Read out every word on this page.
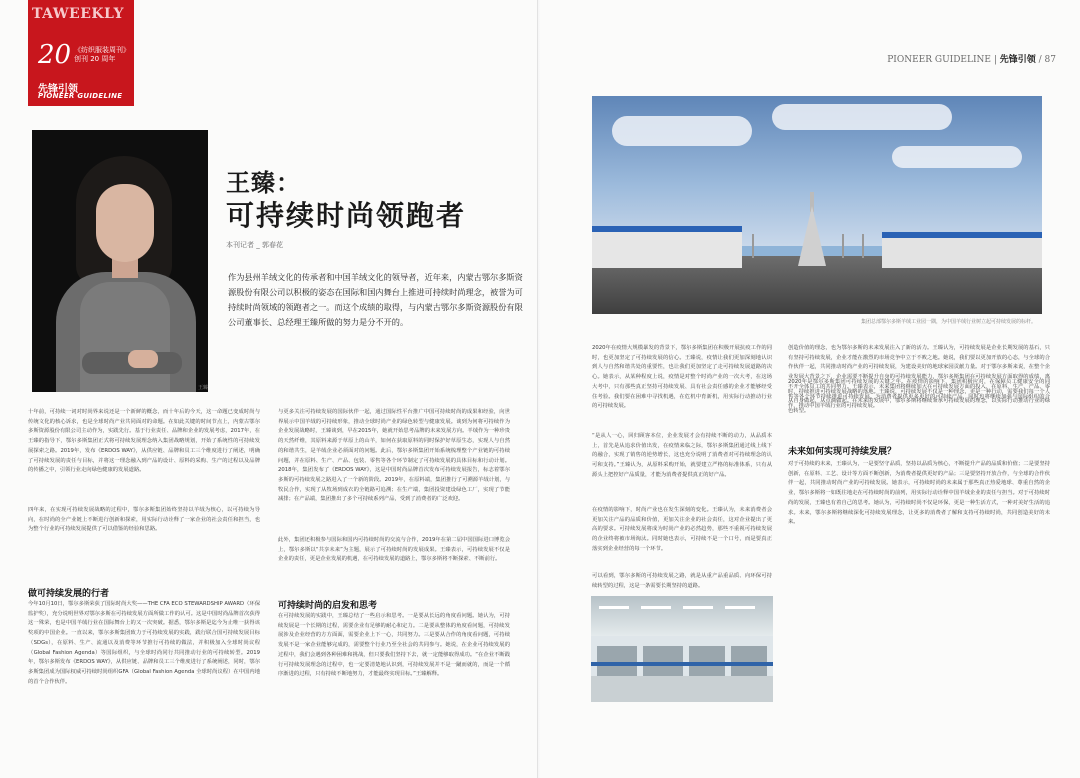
TAWEEKLY
20 《纺织服装周刊》创刊 20 周年
先锋引领
PIONEER GUIDELINE
王臻
王臻：
可持续时尚领跑者
本刊记者 _ 郭春花

作为县州羊绒文化的传承者和中国羊绒文化的领导者，近年来，内蒙古鄂尔多斯资源股份有限公司以积极的姿态在国际和国内舞台上推进可持续时尚理念，被誉为可持续时尚领域的领跑者之一。而这个成绩的取得，与内蒙古鄂尔多斯资源股份有限公司董事长、总经理王臻所做的努力是分不开的。

十年前，可持续一词对时尚界来说还是一个新鲜的概念，而十年后的今天，这一命题已变成时尚与传统文化的核心诉求，也是全球时尚产业共同面对的命题。在如此关键的时间节点上，内蒙古鄂尔多斯资源股份有限公司主动作为，实践先行。基于行业责任、品牌和企业的发展考虑，2017年，在王臻的指导下，鄂尔多斯集团正式将可持续发展理念纳入集团战略规划，开始了系统性的可持续发展探索之路。2019年，发布《ERDOS WAY》，从供应链、品牌和员工三个维度进行了阐述，明确了可持续发展的责任与目标，并将这一理念融入到产品的设计、原料的采购、生产的过程以及品牌的传播之中，引领行业走向绿色健康的发展道路。

四年来，在实现可持续发展战略的过程中，鄂尔多斯集团始终坚持以羊绒为核心，以可持续为导向，在时尚的全产业链上不断进行创新和探索，用实际行动诠释了一家企业的社会责任和担当，也为整个行业的可持续发展提供了可以借鉴的经验和思路。

做可持续发展的行者

今年10月10日，鄂尔多斯荣获了国际时尚大奖——THE CFA ECO STEWARDSHIP AWARD（环保监护奖），充分说明世界对鄂尔多斯在可持续发展方面所做工作的认可。这是中国时尚品牌首次获得这一殊荣，也是中国羊绒行业在国际舞台上的又一次突破。据悉，鄂尔多斯是迄今为止唯一获得该奖项的中国企业。一直以来，鄂尔多斯集团致力于可持续发展的实践，践行联合国可持续发展目标（SDGs），在原料、生产、流通以及消费等环节推行可持续的做法，并积极加入全球时尚议程（Global Fashion Agenda）等国际组织，与全球时尚同行共同推动行业的可持续转型。2019年，鄂尔多斯发布《ERDOS WAY》，从供应链、品牌和员工三个维度进行了系统阐述，同时，鄂尔多斯集团成为国际权威可持续时尚组织GFA（Global Fashion Agenda 全球时尚议程）在中国内地的首个合作伙伴。

与更多关注可持续发展的国际伙伴一起，通过国际性平台推广中国可持续时尚的成果和经验，向世界展示中国羊绒的可持续形象，推动全球时尚产业的绿色转型与健康发展。谈到为何将可持续作为企业发展战略时，王臻谈到，早在2015年，她就开始思考品牌的未来发展方向。羊绒作为一种珍贵的天然纤维，其原料来源于草原上的山羊，如何在获取原料的同时保护好草原生态，实现人与自然的和谐共生，是羊绒企业必须面对的问题。此后，鄂尔多斯集团开始系统梳理整个产业链的可持续问题，并在原料、生产、产品、包装、零售等各个环节制定了可持续发展的具体目标和行动计划。2018年，集团发布了《ERDOS WAY》，这是中国时尚品牌首次发布可持续发展报告，标志着鄂尔多斯的可持续发展之路进入了一个新的阶段。2019年，在原料端，集团推行了可溯源羊绒计划，与牧民合作，实现了从牧场到成衣的全链路可追溯；在生产端，集团投资建设绿色工厂，实现了节能减排；在产品端，集团推出了多个可持续系列产品，受到了消费者的广泛欢迎。

此外，集团还积极参与国际和国内可持续时尚的交流与合作，2019年在第二届中国国际进口博览会上，鄂尔多斯以“共享未来”为主题，展示了可持续时尚的发展成果。王臻表示，可持续发展不仅是企业的责任，更是企业发展的机遇，在可持续发展的道路上，鄂尔多斯将不断探索、不断前行。

可持续时尚的启发和思考

在可持续发展的实践中，王臻总结了一些启示和思考。一是要从长远的角度看问题。她认为，可持续发展是一个长期的过程，需要企业有足够的耐心和定力。二是要从整体的角度看问题，可持续发展涉及企业经营的方方面面，需要企业上下一心，共同努力。三是要从合作的角度看问题，可持续发展不是一家企业能够完成的，需要整个行业乃至全社会的共同参与。她说，在企业可持续发展的过程中，我们会遇到各种困难和挑战，但只要我们坚持下去，就一定能够取得成功。“在企业不断践行可持续发展理念的过程中，也一定要清楚地认识到，可持续发展并不是一蹴而就的，而是一个循序渐进的过程，只有持续不断地努力，才能最终实现目标。”王臻解释。

PIONEER GUIDELINE | 先锋引领 / 87
集团总部鄂尔多斯羊绒工业园一隅，为中国羊绒行业树立起可持续发展的标杆。

2020年在疫情大规模暴发的背景下，鄂尔多斯集团在积极开展抗疫工作的同时，也更加坚定了可持续发展的信心。王臻说，疫情让我们更加深刻地认识到人与自然和谐共处的重要性，也让我们更加坚定了走可持续发展道路的决心。她表示，从某种程度上说，疫情是对整个时尚产业的一次大考，在这场大考中，只有那些真正坚持可持续发展、具有社会责任感的企业才能够经受住考验。我们要在困难中寻找机遇，在危机中育新机，用实际行动推动行业的可持续发展。

“是从人一心，回归顾客本位，企业发展才会有持续不断的动力，从品质本上，首先是从追求价值出发，在疫情来临之际，鄂尔多斯集团通过线上线下的融合，实现了销售的逆势增长，这也充分说明了消费者对可持续理念的认可和支持。”王臻认为，从原料采购开始，就要建立严格的标准体系，只有从源头上把控好产品质量，才能为消费者提供真正的好产品。

在疫情的影响下，时尚产业也在发生深刻的变化。王臻认为，未来消费者会更加关注产品的品质和价值，更加关注企业的社会责任，这对企业提出了更高的要求。可持续发展将成为时尚产业的必然趋势，那些不重视可持续发展的企业终将被市场淘汰。同时她也表示，可持续不是一个口号，而是要真正落实到企业经营的每一个环节。

可以看到，鄂尔多斯的可持续发展之路，就是从重产品重品质、向环保可持续转型的过程，这是一条需要长期坚持的道路。

创造价值的理念，也为鄂尔多斯的未来发展注入了新的活力。王臻认为，可持续发展是企业长期发展的基石，只有坚持可持续发展，企业才能在激烈的市场竞争中立于不败之地。她说，我们要以更加开放的心态，与全球的合作伙伴一起，共同推动时尚产业的可持续发展，为建设美好的地球家园贡献力量。对于鄂尔多斯来说，在整个企业发展大背景之下，企业需要不断提升自身的可持续发展能力，鄂尔多斯集团在可持续发展方面取得的成绩，离不开全体员工的共同努力。王臻表示，未来集团将继续加大在可持续发展方面的投入，在原料、生产、产品、零售等各个环节持续推进可持续发展，为消费者提供更多更好的可持续产品，同时也将继续加强与国际组织的合作，推动中国羊绒行业的可持续发展。

2020年是鄂尔多斯集团可持续发展的关键之年。在疫情的影响下，集团积极应对，在保障员工健康安全的同时，持续推进可持续发展战略的落地。王臻说，可持续发展不仅是一种理念，更是一种行动，需要我们每一个人从自身做起，从点滴做起。在未来的发展中，鄂尔多斯将继续秉承可持续发展的理念，以实际行动推动行业的绿色转型。

未来如何实现可持续发展？

对于可持续的未来，王臻认为，一是要坚守品质，坚持以品质为核心，不断提升产品的品质和价值；二是要坚持创新，在原料、工艺、设计等方面不断创新，为消费者提供更好的产品；三是要坚持开放合作，与全球的合作伙伴一起，共同推动时尚产业的可持续发展。她表示，可持续时尚的未来属于那些真正热爱地球、尊重自然的企业，鄂尔多斯将一如既往地走在可持续时尚的前列，用实际行动诠释中国羊绒企业的责任与担当。对于可持续时尚的发展，王臻也有着自己的思考。她认为，可持续时尚不仅是环保，更是一种生活方式，一种对美好生活的追求。未来，鄂尔多斯将继续深化可持续发展理念，让更多的消费者了解和支持可持续时尚，共同创造美好的未来。
